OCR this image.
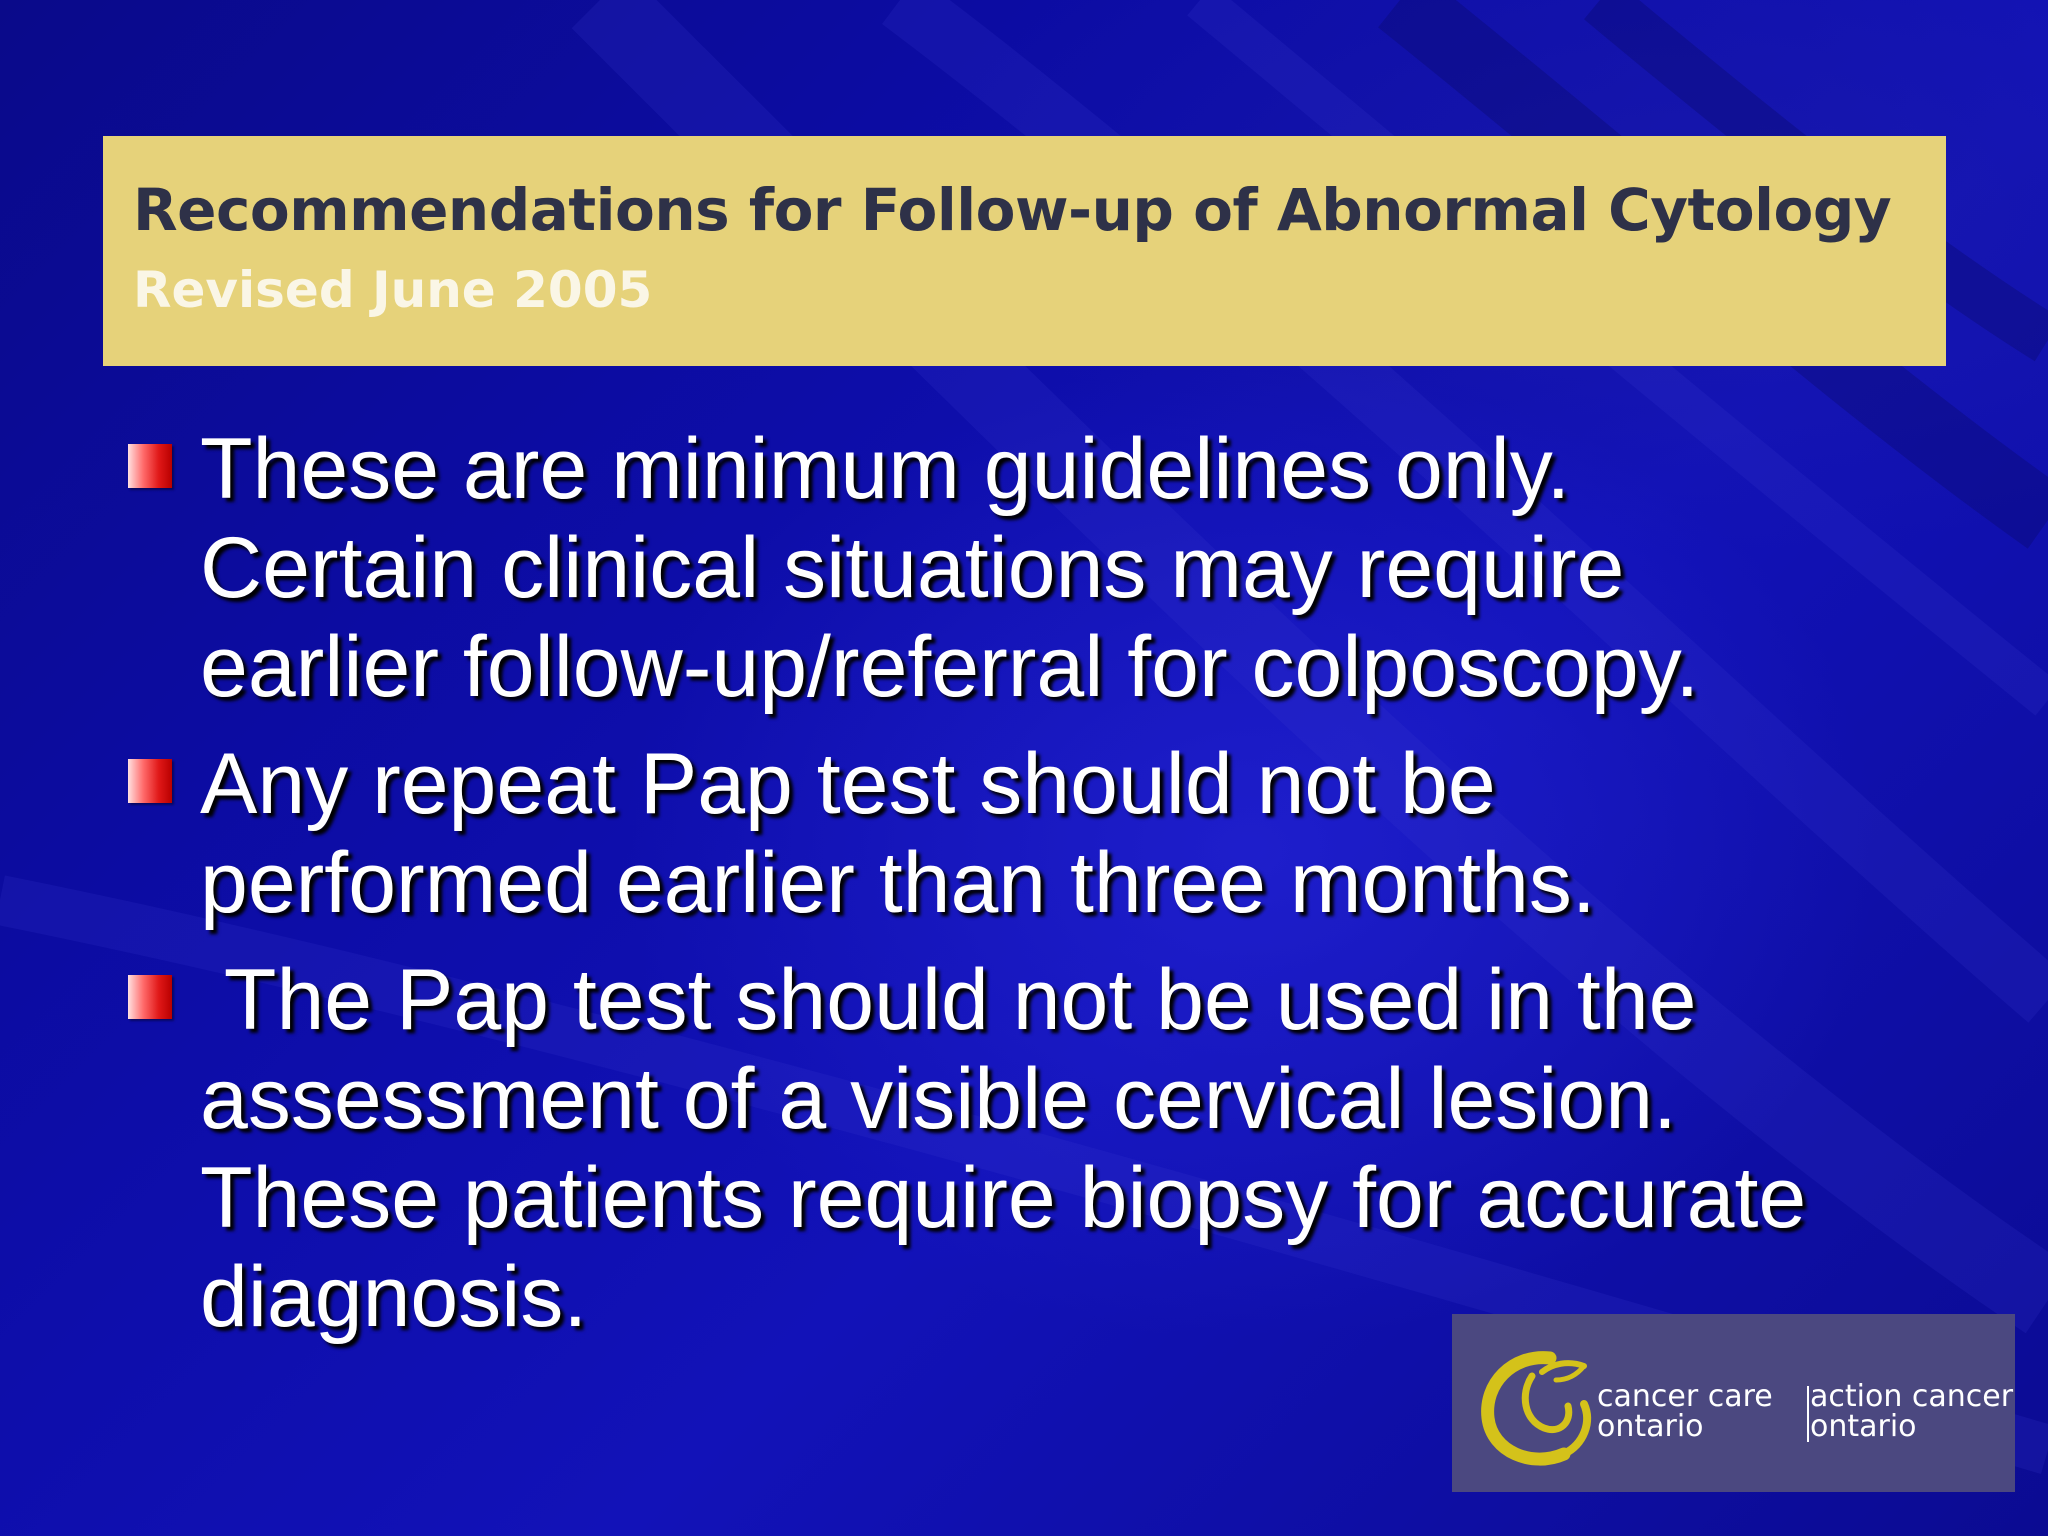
Recommendations for Follow-up of Abnormal Cytology
Revised June 2005
These are minimum guidelines only.
Certain clinical situations may require
earlier follow-up/referral for colposcopy.
Any repeat Pap test should not be
performed earlier than three months.
The Pap test should not be used in the
assessment of a visible cervical lesion.
These patients require biopsy for accurate
diagnosis.
cancer care
ontario
action cancer
ontario
